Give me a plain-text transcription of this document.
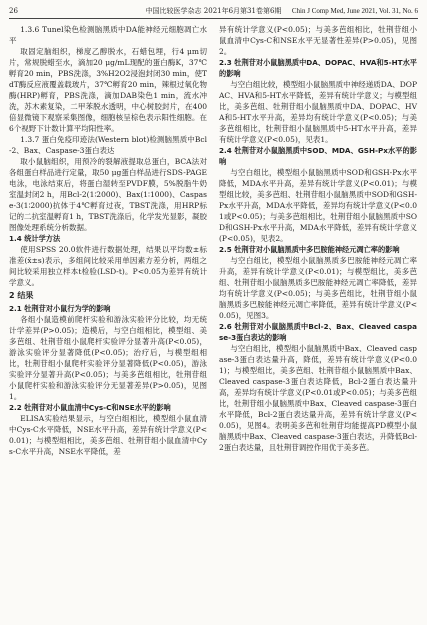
26	中国比较医学杂志 2021年6月第31卷第6期	Chin J Comp Med, June 2021, Vol. 31, No. 6

1.3.6 Tunel染色检测脑黑质中DA能神经元细胞凋亡水平

取固定脑组织，梯度乙醇脱水，石蜡包埋，行4 μm切片，常规脱蜡至水，滴加20 μg/mL现配的蛋白酶K，37℃孵育20 min，PBS洗涤，3%H2O2浸泡封闭30 min，使TdT酶反应液覆盖载玻片，37℃孵育20 min，辣根过氧化物酶(HRP)孵育，PBS洗涤，滴加DAB染色1 min，流水冲洗，苏木素复染，二甲苯脱水透明，中心树胶封片，在400倍显微镜下观察采集图像，细胞核呈棕色表示阳性细胞。在6个视野下计数计算平均阳性率。

1.3.7 蛋白免疫印迹法(Western blot)检测脑黑质中Bcl-2、Bax、Caspase-3蛋白表达

取小鼠脑组织，用预冷的裂解液提取总蛋白，BCA法对各组蛋白样品进行定量，取50 μg蛋白样品进行SDS-PAGE电泳，电泳结束后，将蛋白湿转至PVDF膜，5%脱脂牛奶室温封闭2 h，用Bcl-2(1∶2000)、Bax(1∶1000)、Caspase-3(1∶2000)抗体于4℃孵育过夜，TBST洗涤，用HRP标记的二抗室温孵育1 h，TBST洗涤后，化学发光显影，凝胶图像处理系统分析数据。

1.4 统计学方法

使用SPSS 20.0软件进行数据处理，结果以平均数±标准差(x̄±s)表示，多组间比较采用单因素方差分析，两组之间比较采用独立样本t检验(LSD-t)。P<0.05为差异有统计学意义。

2 结果
2.1 牡荆苷对小鼠行为学的影响

各组小鼠造模前爬杆实验和游泳实验评分比较，均无统计学差异(P>0.05)；造模后，与空白组相比，模型组、美多芭组、牡荆苷组小鼠爬杆实验评分显著升高(P<0.05)，游泳实验评分显著降低(P<0.05)；治疗后，与模型组相比，牡荆苷组小鼠爬杆实验评分显著降低(P<0.05)，游泳实验评分显著升高(P<0.05)；与美多芭组相比，牡荆苷组小鼠爬杆实验和游泳实验评分无显著差异(P>0.05)，见图1。

2.2 牡荆苷对小鼠血清中Cys-C和NSE水平的影响

ELISA实验结果显示，与空白组相比，模型组小鼠血清中Cys-C水平降低，NSE水平升高，差异有统计学意义(P<0.01)；与模型组相比，美多芭组、牡荆苷组小鼠血清中Cys-C水平升高，NSE水平降低，差

异有统计学意义(P<0.05)；与美多芭组相比，牡荆苷组小鼠血清中Cys-C和NSE水平无显著性差异(P>0.05)，见图2。

2.3 牡荆苷对小鼠脑黑质中DA、DOPAC、HVA和5-HT水平的影响

与空白组比较，模型组小鼠脑黑质中神经递质DA、DOPAC、HVA和5-HT水平降低，差异有统计学意义；与模型组比，美多芭组、牡荆苷组小鼠脑黑质中DA、DOPAC、HVA和5-HT水平升高，差异均有统计学意义(P<0.05)；与美多芭组相比，牡荆苷组小鼠脑黑质中5-HT水平升高，差异有统计学意义(P<0.05)，见表1。

2.4 牡荆苷对小鼠脑黑质中SOD、MDA、GSH-Px水平的影响

与空白组比，模型组小鼠脑黑质中SOD和GSH-Px水平降低，MDA水平升高，差异有统计学意义(P<0.01)；与模型组比较，美多芭组、牡荆苷组小鼠脑黑质中SOD和GSH-Px水平升高，MDA水平降低，差异均有统计学意义(P<0.01或P<0.05)；与美多芭组相比，牡荆苷组小鼠脑黑质中SOD和GSH-Px水平升高，MDA水平降低，差异有统计学意义(P<0.05)，见表2。

2.5 牡荆苷对小鼠脑黑质中多巴胺能神经元凋亡率的影响

与空白组比，模型组小鼠脑黑质多巴胺能神经元凋亡率升高，差异有统计学意义(P<0.01)；与模型组比，美多芭组、牡荆苷组小鼠脑黑质多巴胺能神经元凋亡率降低，差异均有统计学意义(P<0.05)；与美多芭组比，牡荆苷组小鼠脑黑质多巴胺能神经元凋亡率降低，差异有统计学意义(P<0.05)，见图3。

2.6 牡荆苷对小鼠脑黑质中Bcl-2、Bax、Cleaved caspase-3蛋白表达的影响

与空白组比，模型组小鼠脑黑质中Bax、Cleaved caspase-3蛋白表达量升高，降低，差异有统计学意义(P<0.01)；与模型组比，美多芭组、牡荆苷组小鼠脑黑质中Bax、Cleaved caspase-3蛋白表达降低，Bcl-2蛋白表达量升高，差异均有统计学意义(P<0.01或P<0.05)；与美多芭组比，牡荆苷组小鼠脑黑质中Bax、Cleaved caspase-3蛋白水平降低，Bcl-2蛋白表达量升高，差异有统计学意义(P<0.05)，见图4。表明美多芭和牡荆苷均能提高PD模型小鼠脑黑质中Bax、Cleaved caspase-3蛋白表达，升降低Bcl-2蛋白表达量，且牡荆苷调控作用优于美多芭。
